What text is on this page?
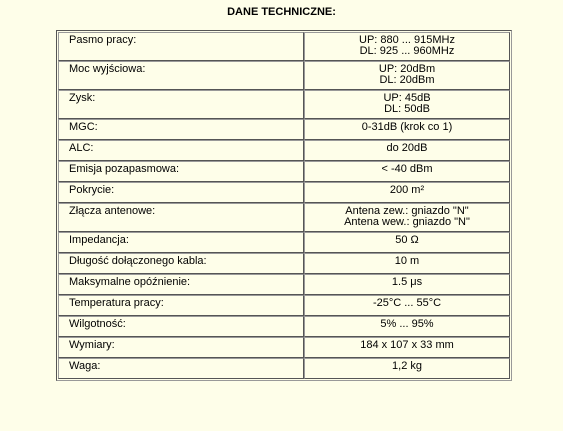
DANE TECHNICZNE:
Pasmo pracy:	UP: 880 ... 915MHz
DL: 925 ... 960MHz

Moc wyjściowa:	UP: 20dBm
DL: 20dBm

Zysk:	UP: 45dB
DL: 50dB

MGC:	0-31dB (krok co 1)

ALC:	do 20dB

Emisja pozapasmowa:	< -40 dBm

Pokrycie:	200 m²

Złącza antenowe:	Antena zew.: gniazdo "N"
Antena wew.: gniazdo "N"

Impedancja:	50 Ω

Długość dołączonego kabla:	10 m

Maksymalne opóźnienie:	1.5 μs

Temperatura pracy:	-25°C ... 55°C

Wilgotność:	5% ... 95%

Wymiary:	184 x 107 x 33 mm

Waga:	1,2 kg
